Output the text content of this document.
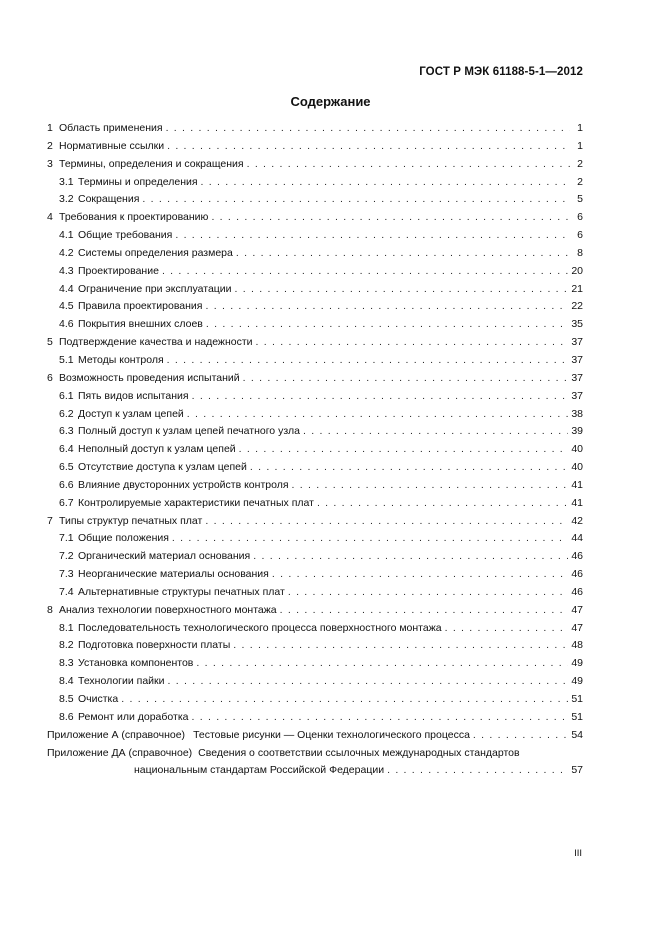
ГОСТ Р МЭК 61188-5-1—2012
Содержание
1 Область применения . . .	1
2 Нормативные ссылки . . .	1
3 Термины, определения и сокращения . . .	2
3.1 Термины и определения . . .	2
3.2 Сокращения . . .	5
4 Требования к проектированию . . .	6
4.1 Общие требования . . .	6
4.2 Системы определения размера . . .	8
4.3 Проектирование . . .	20
4.4 Ограничение при эксплуатации . . .	21
4.5 Правила проектирования . . .	22
4.6 Покрытия внешних слоев . . .	35
5 Подтверждение качества и надежности . . .	37
5.1 Методы контроля . . .	37
6 Возможность проведения испытаний . . .	37
6.1 Пять видов испытания . . .	37
6.2 Доступ к узлам цепей . . .	38
6.3 Полный доступ к узлам цепей печатного узла . . .	39
6.4 Неполный доступ к узлам цепей . . .	40
6.5 Отсутствие доступа к узлам цепей . . .	40
6.6 Влияние двусторонних устройств контроля . . .	41
6.7 Контролируемые характеристики печатных плат . . .	41
7 Типы структур печатных плат . . .	42
7.1 Общие положения . . .	44
7.2 Органический материал основания . . .	46
7.3 Неорганические материалы основания . . .	46
7.4 Альтернативные структуры печатных плат . . .	46
8 Анализ технологии поверхностного монтажа . . .	47
8.1 Последовательность технологического процесса поверхностного монтажа . . .	47
8.2 Подготовка поверхности платы . . .	48
8.3 Установка компонентов . . .	49
8.4 Технологии пайки . . .	49
8.5 Очистка . . .	51
8.6 Ремонт или доработка . . .	51
Приложение А (справочное) Тестовые рисунки — Оценки технологического процесса . . .	54
Приложение ДА (справочное) Сведения о соответствии ссылочных международных стандартов
национальным стандартам Российской Федерации . . .	57
III
